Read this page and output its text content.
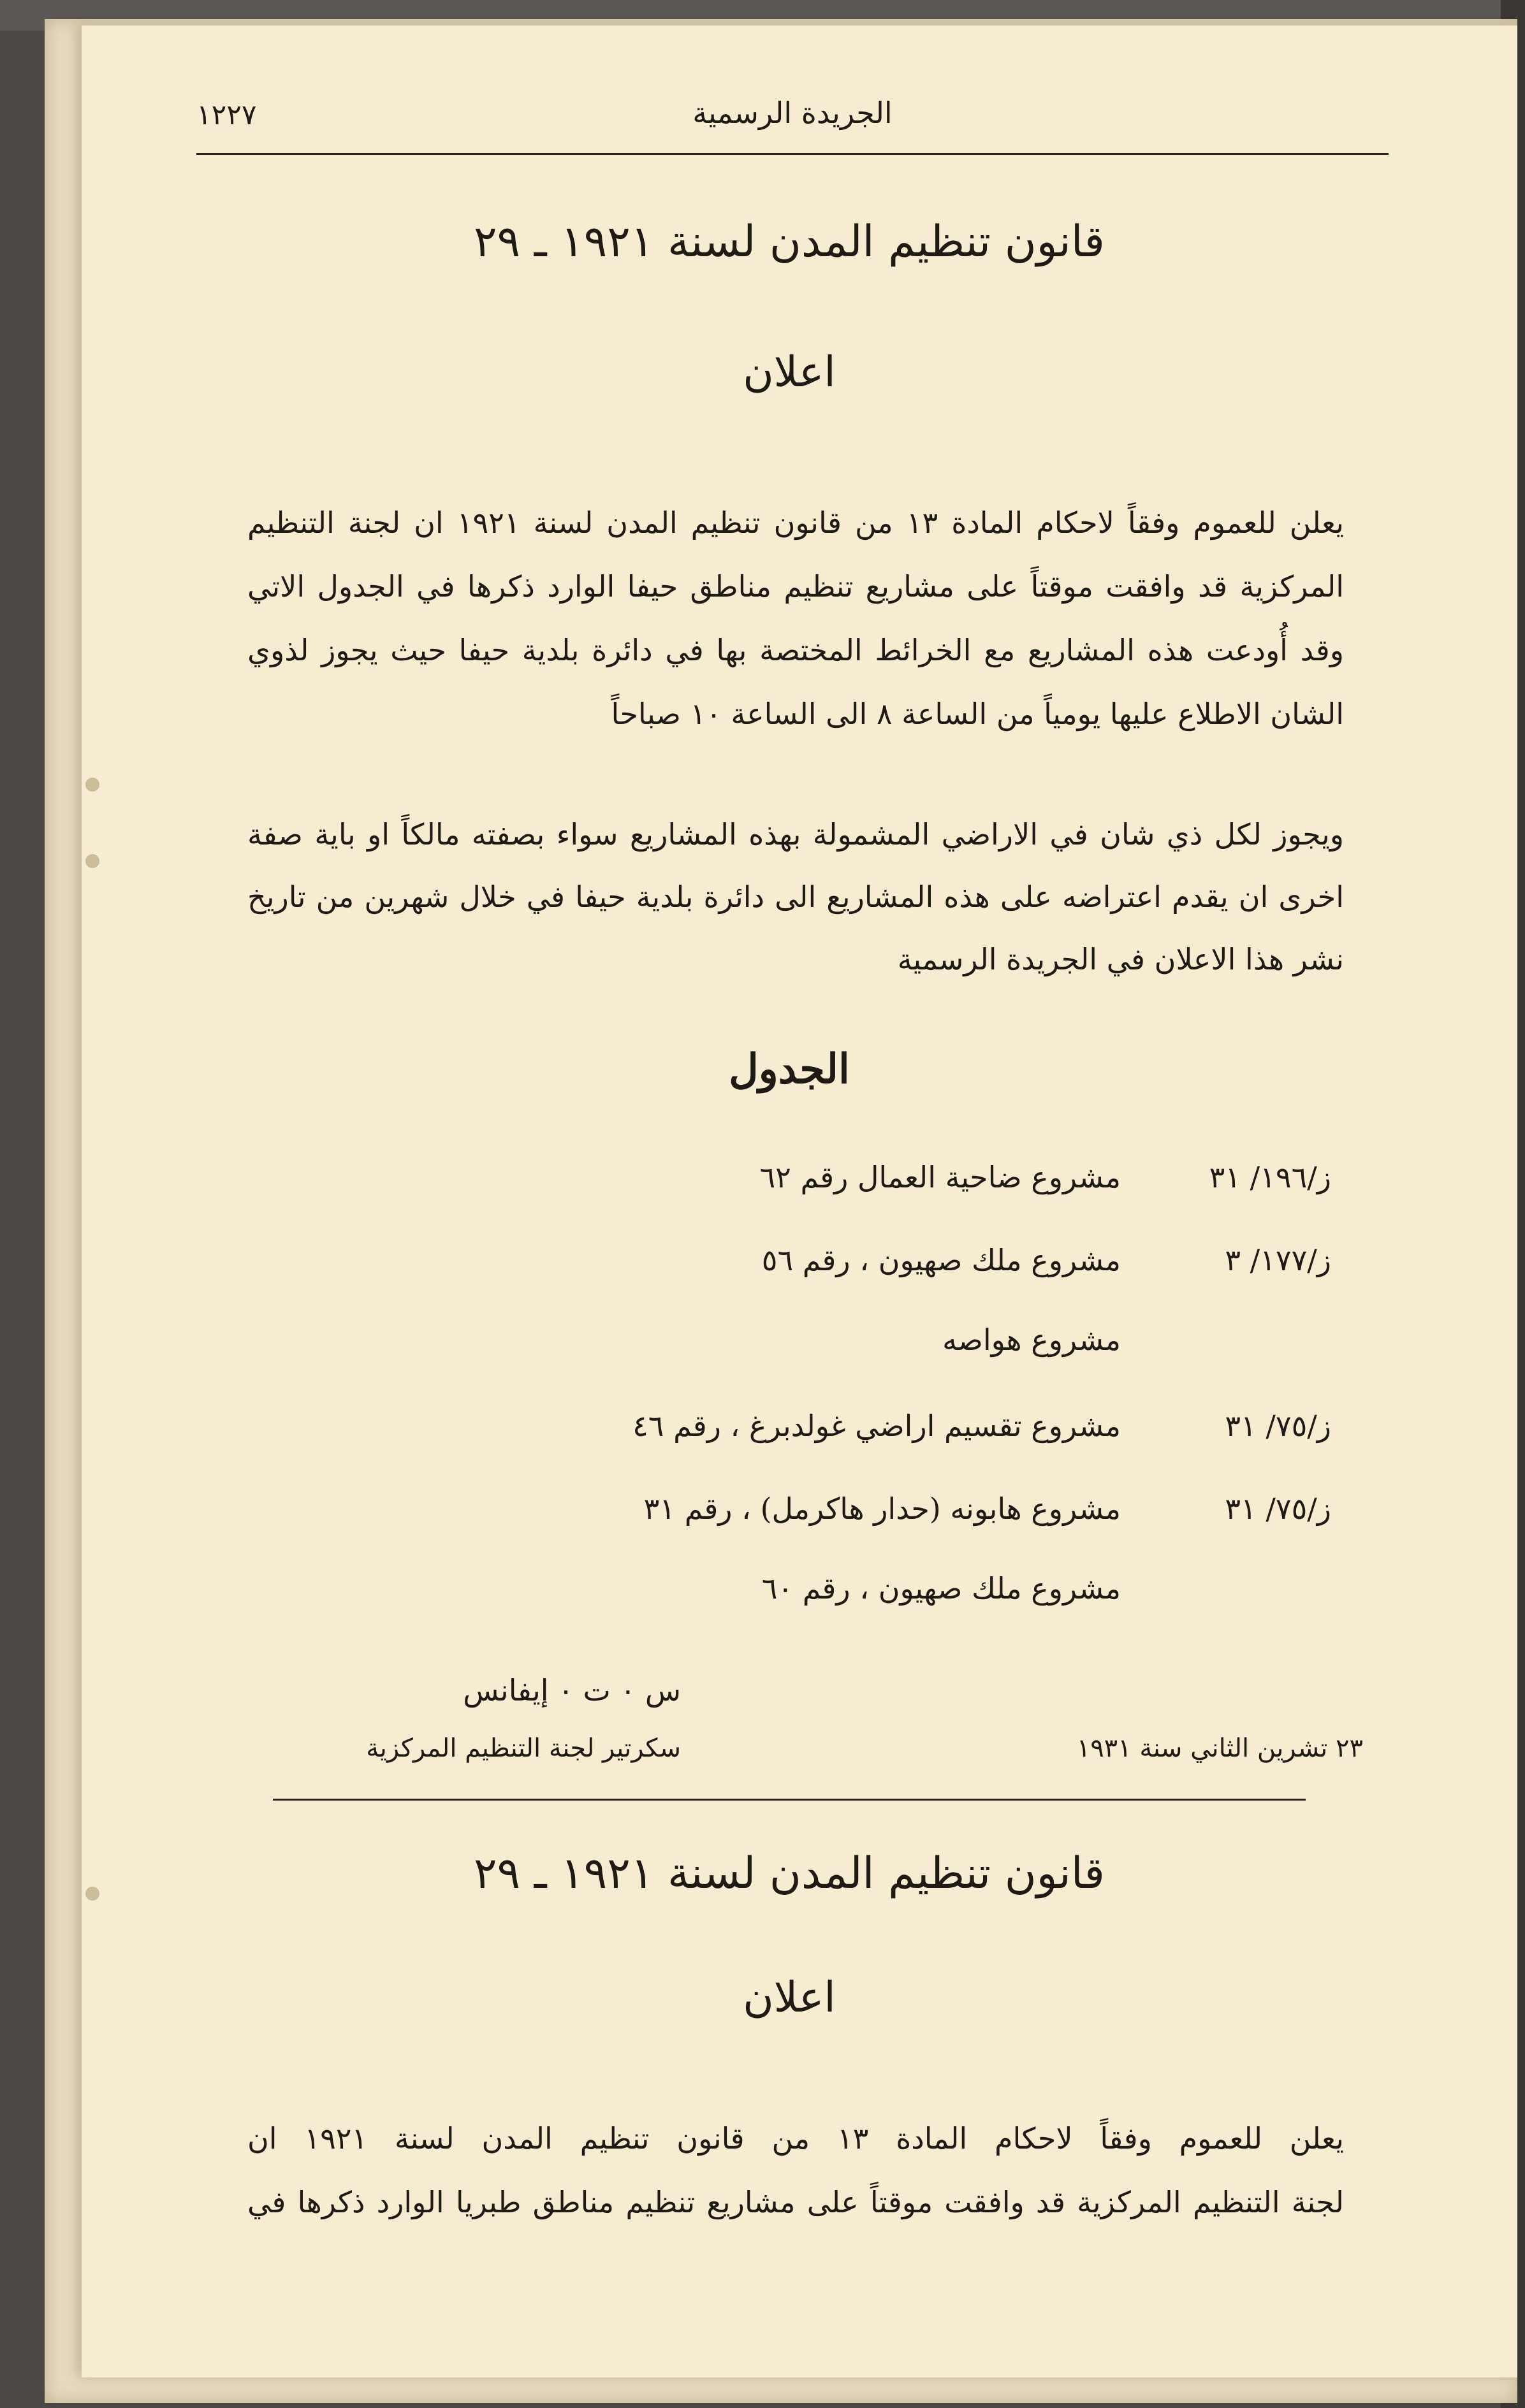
الجريدة الرسمية
١٢٢٧
قانون تنظيم المدن لسنة ١٩٢١ ـ ٢٩
اعلان
يعلن للعموم وفقاً لاحكام المادة ١٣ من قانون تنظيم المدن لسنة ١٩٢١ ان لجنة التنظيم المركزية قد وافقت موقتاً على مشاريع تنظيم مناطق حيفا الوارد ذكرها في الجدول الاتي وقد أُودعت هذه المشاريع مع الخرائط المختصة بها في دائرة بلدية حيفا حيث يجوز لذوي الشان الاطلاع عليها يومياً من الساعة ٨ الى الساعة ١٠ صباحاً
ويجوز لكل ذي شان في الاراضي المشمولة بهذه المشاريع سواء بصفته مالكاً او باية صفة اخرى ان يقدم اعتراضه على هذه المشاريع الى دائرة بلدية حيفا في خلال شهرين من تاريخ نشر هذا الاعلان في الجريدة الرسمية
الجدول
ز/١٩٦/ ٣١
مشروع ضاحية العمال رقم ٦٢
ز/١٧٧/ ٣
مشروع ملك صهيون ، رقم ٥٦
مشروع هواصه
ز/٧٥/ ٣١
مشروع تقسيم اراضي غولدبرغ ، رقم ٤٦
ز/٧٥/ ٣١
مشروع هابونه (حدار هاكرمل) ، رقم ٣١
مشروع ملك صهيون ، رقم ٦٠
س ٠ ت ٠ إيفانس
سكرتير لجنة التنظيم المركزية	٢٣ تشرين الثاني سنة ١٩٣١
قانون تنظيم المدن لسنة ١٩٢١ ـ ٢٩
اعلان
يعلن للعموم وفقاً لاحكام المادة ١٣ من قانون تنظيم المدن لسنة ١٩٢١ ان
لجنة التنظيم المركزية قد وافقت موقتاً على مشاريع تنظيم مناطق طبريا الوارد ذكرها في
